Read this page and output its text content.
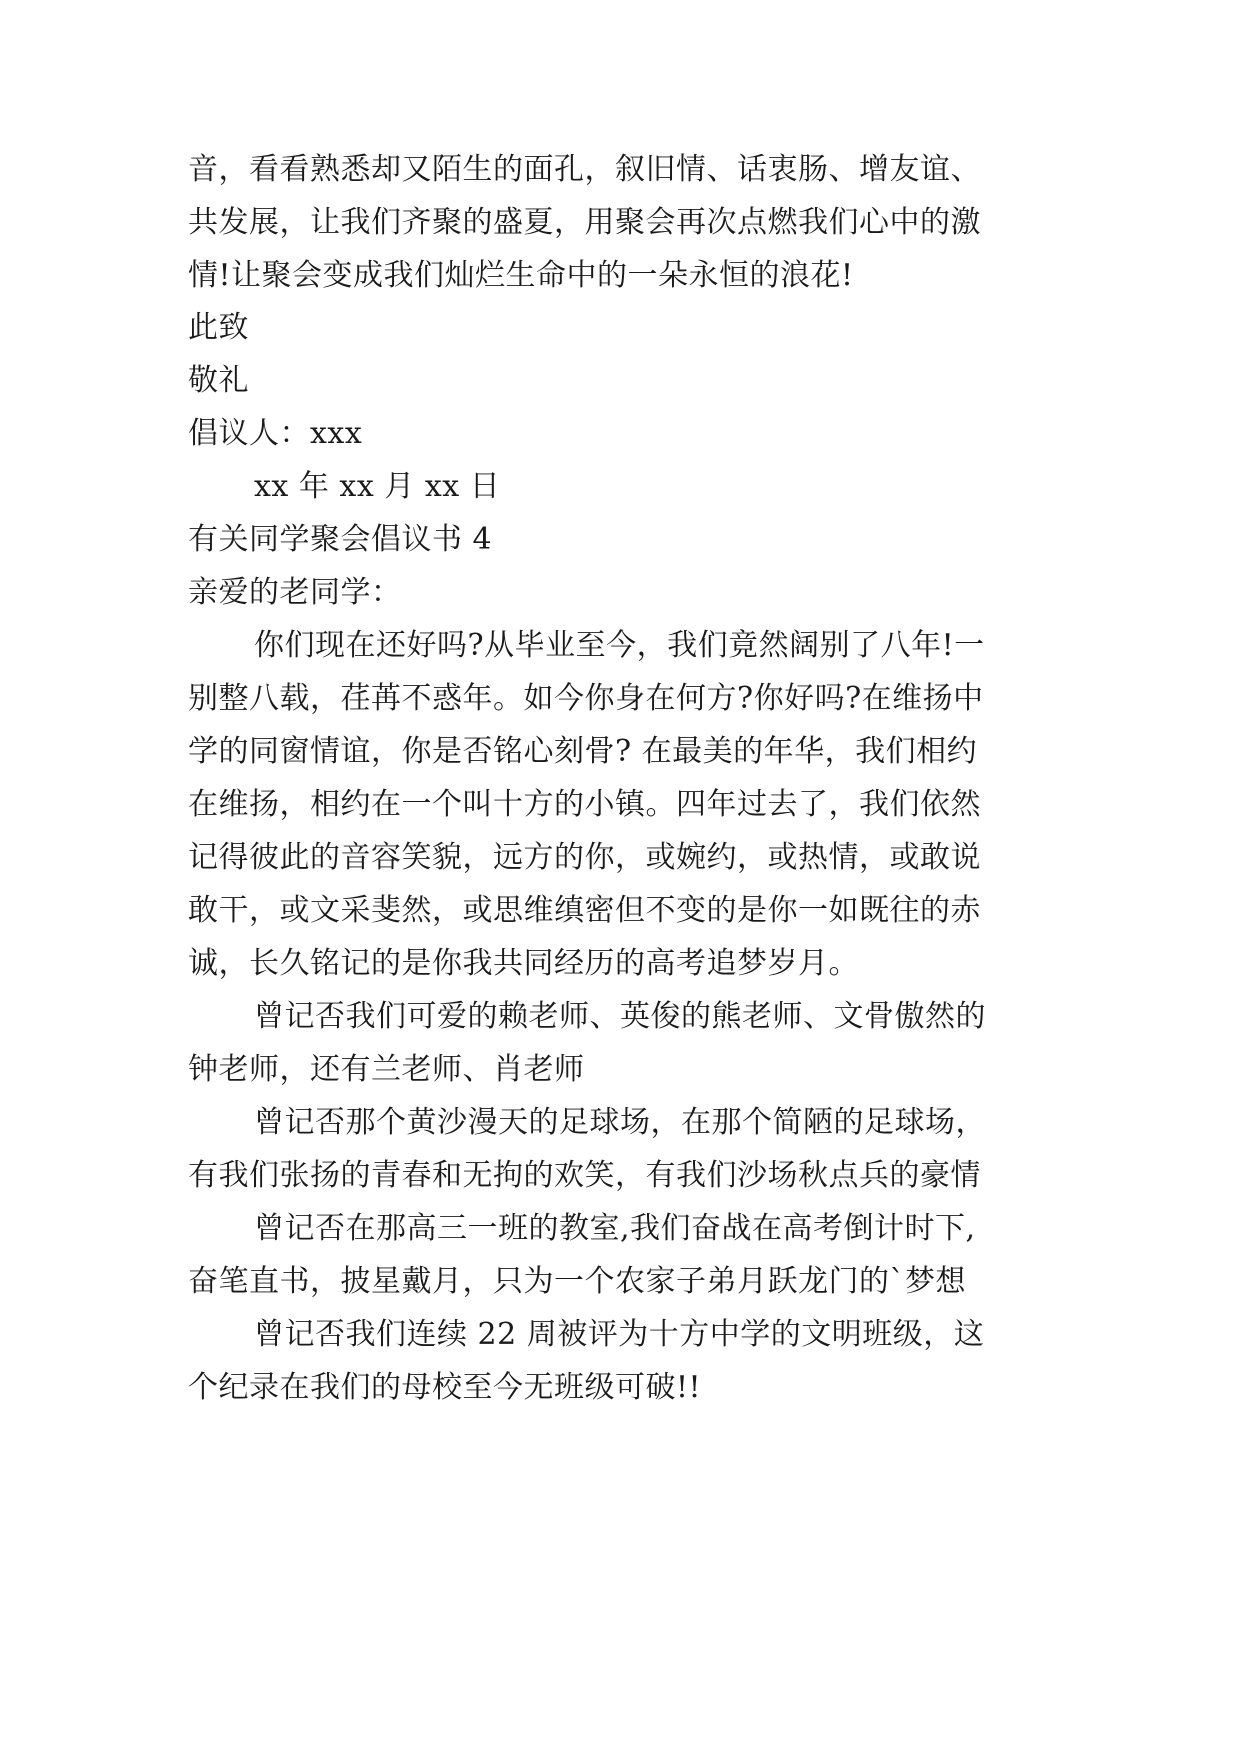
音，看看熟悉却又陌生的面孔，叙旧情、话衷肠、增友谊、
共发展，让我们齐聚的盛夏，用聚会再次点燃我们心中的激
情!让聚会变成我们灿烂生命中的一朵永恒的浪花!
此致
敬礼
倡议人：xxx
xx 年 xx 月 xx 日
有关同学聚会倡议书 4
亲爱的老同学：
你们现在还好吗?从毕业至今，我们竟然阔别了八年!一
别整八载，荏苒不惑年。如今你身在何方?你好吗?在维扬中
学的同窗情谊，你是否铭心刻骨? 在最美的年华，我们相约
在维扬，相约在一个叫十方的小镇。四年过去了，我们依然
记得彼此的音容笑貌，远方的你，或婉约，或热情，或敢说
敢干，或文采斐然，或思维缜密但不变的是你一如既往的赤
诚，长久铭记的是你我共同经历的高考追梦岁月。
曾记否我们可爱的赖老师、英俊的熊老师、文骨傲然的
钟老师，还有兰老师、肖老师
曾记否那个黄沙漫天的足球场，在那个简陋的足球场，
有我们张扬的青春和无拘的欢笑，有我们沙场秋点兵的豪情
曾记否在那高三一班的教室,我们奋战在高考倒计时下,
奋笔直书，披星戴月，只为一个农家子弟月跃龙门的`梦想
曾记否我们连续 22 周被评为十方中学的文明班级，这
个纪录在我们的母校至今无班级可破!!
